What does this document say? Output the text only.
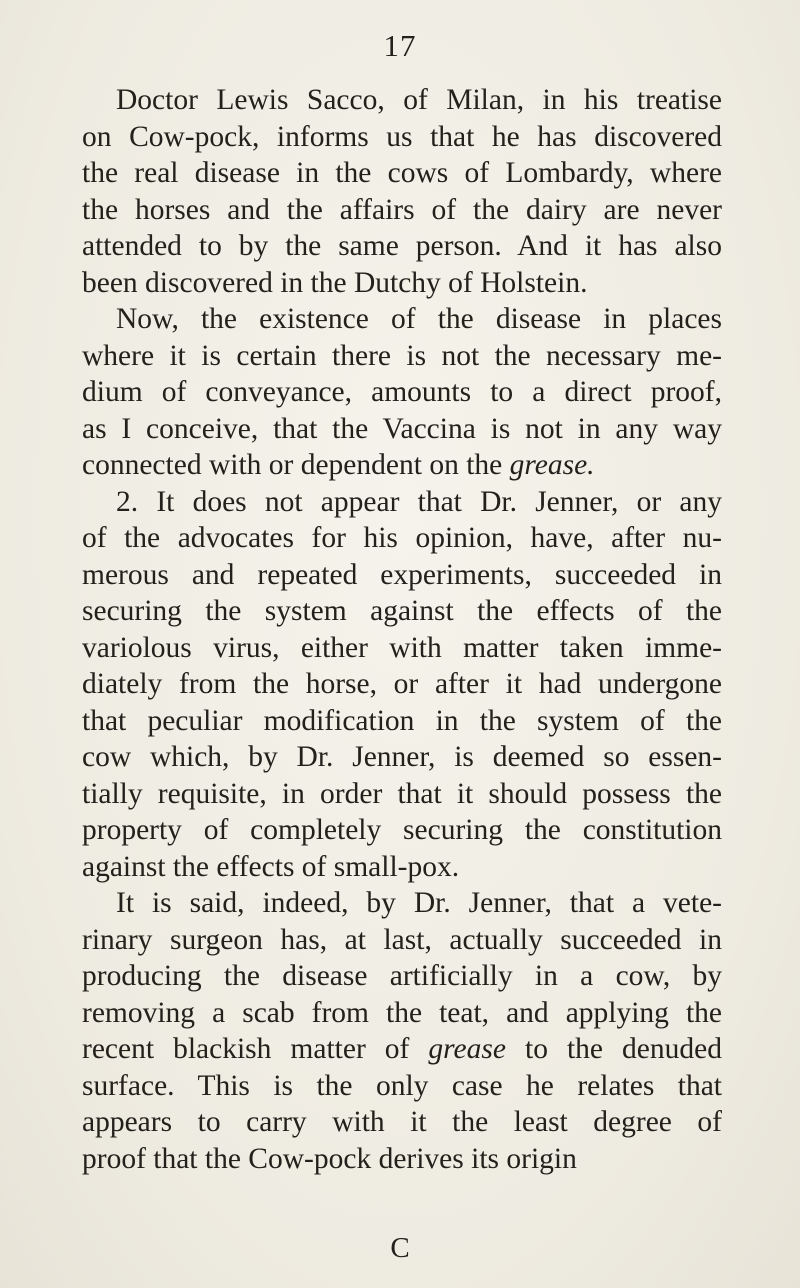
17
Doctor Lewis Sacco, of Milan, in his treatise
on Cow-pock, informs us that he has discovered
the real disease in the cows of Lombardy, where
the horses and the affairs of the dairy are never
attended to by the same person. And it has also
been discovered in the Dutchy of Holstein.
Now, the existence of the disease in places
where it is certain there is not the necessary me-
dium of conveyance, amounts to a direct proof,
as I conceive, that the Vaccina is not in any way
connected with or dependent on the grease.
2. It does not appear that Dr. Jenner, or any
of the advocates for his opinion, have, after nu-
merous and repeated experiments, succeeded in
securing the system against the effects of the
variolous virus, either with matter taken imme-
diately from the horse, or after it had undergone
that peculiar modification in the system of the
cow which, by Dr. Jenner, is deemed so essen-
tially requisite, in order that it should possess the
property of completely securing the constitution
against the effects of small-pox.
It is said, indeed, by Dr. Jenner, that a vete-
rinary surgeon has, at last, actually succeeded in
producing the disease artificially in a cow, by
removing a scab from the teat, and applying the
recent blackish matter of grease to the denuded
surface. This is the only case he relates that
appears to carry with it the least degree of
proof that the Cow-pock derives its origin
C
